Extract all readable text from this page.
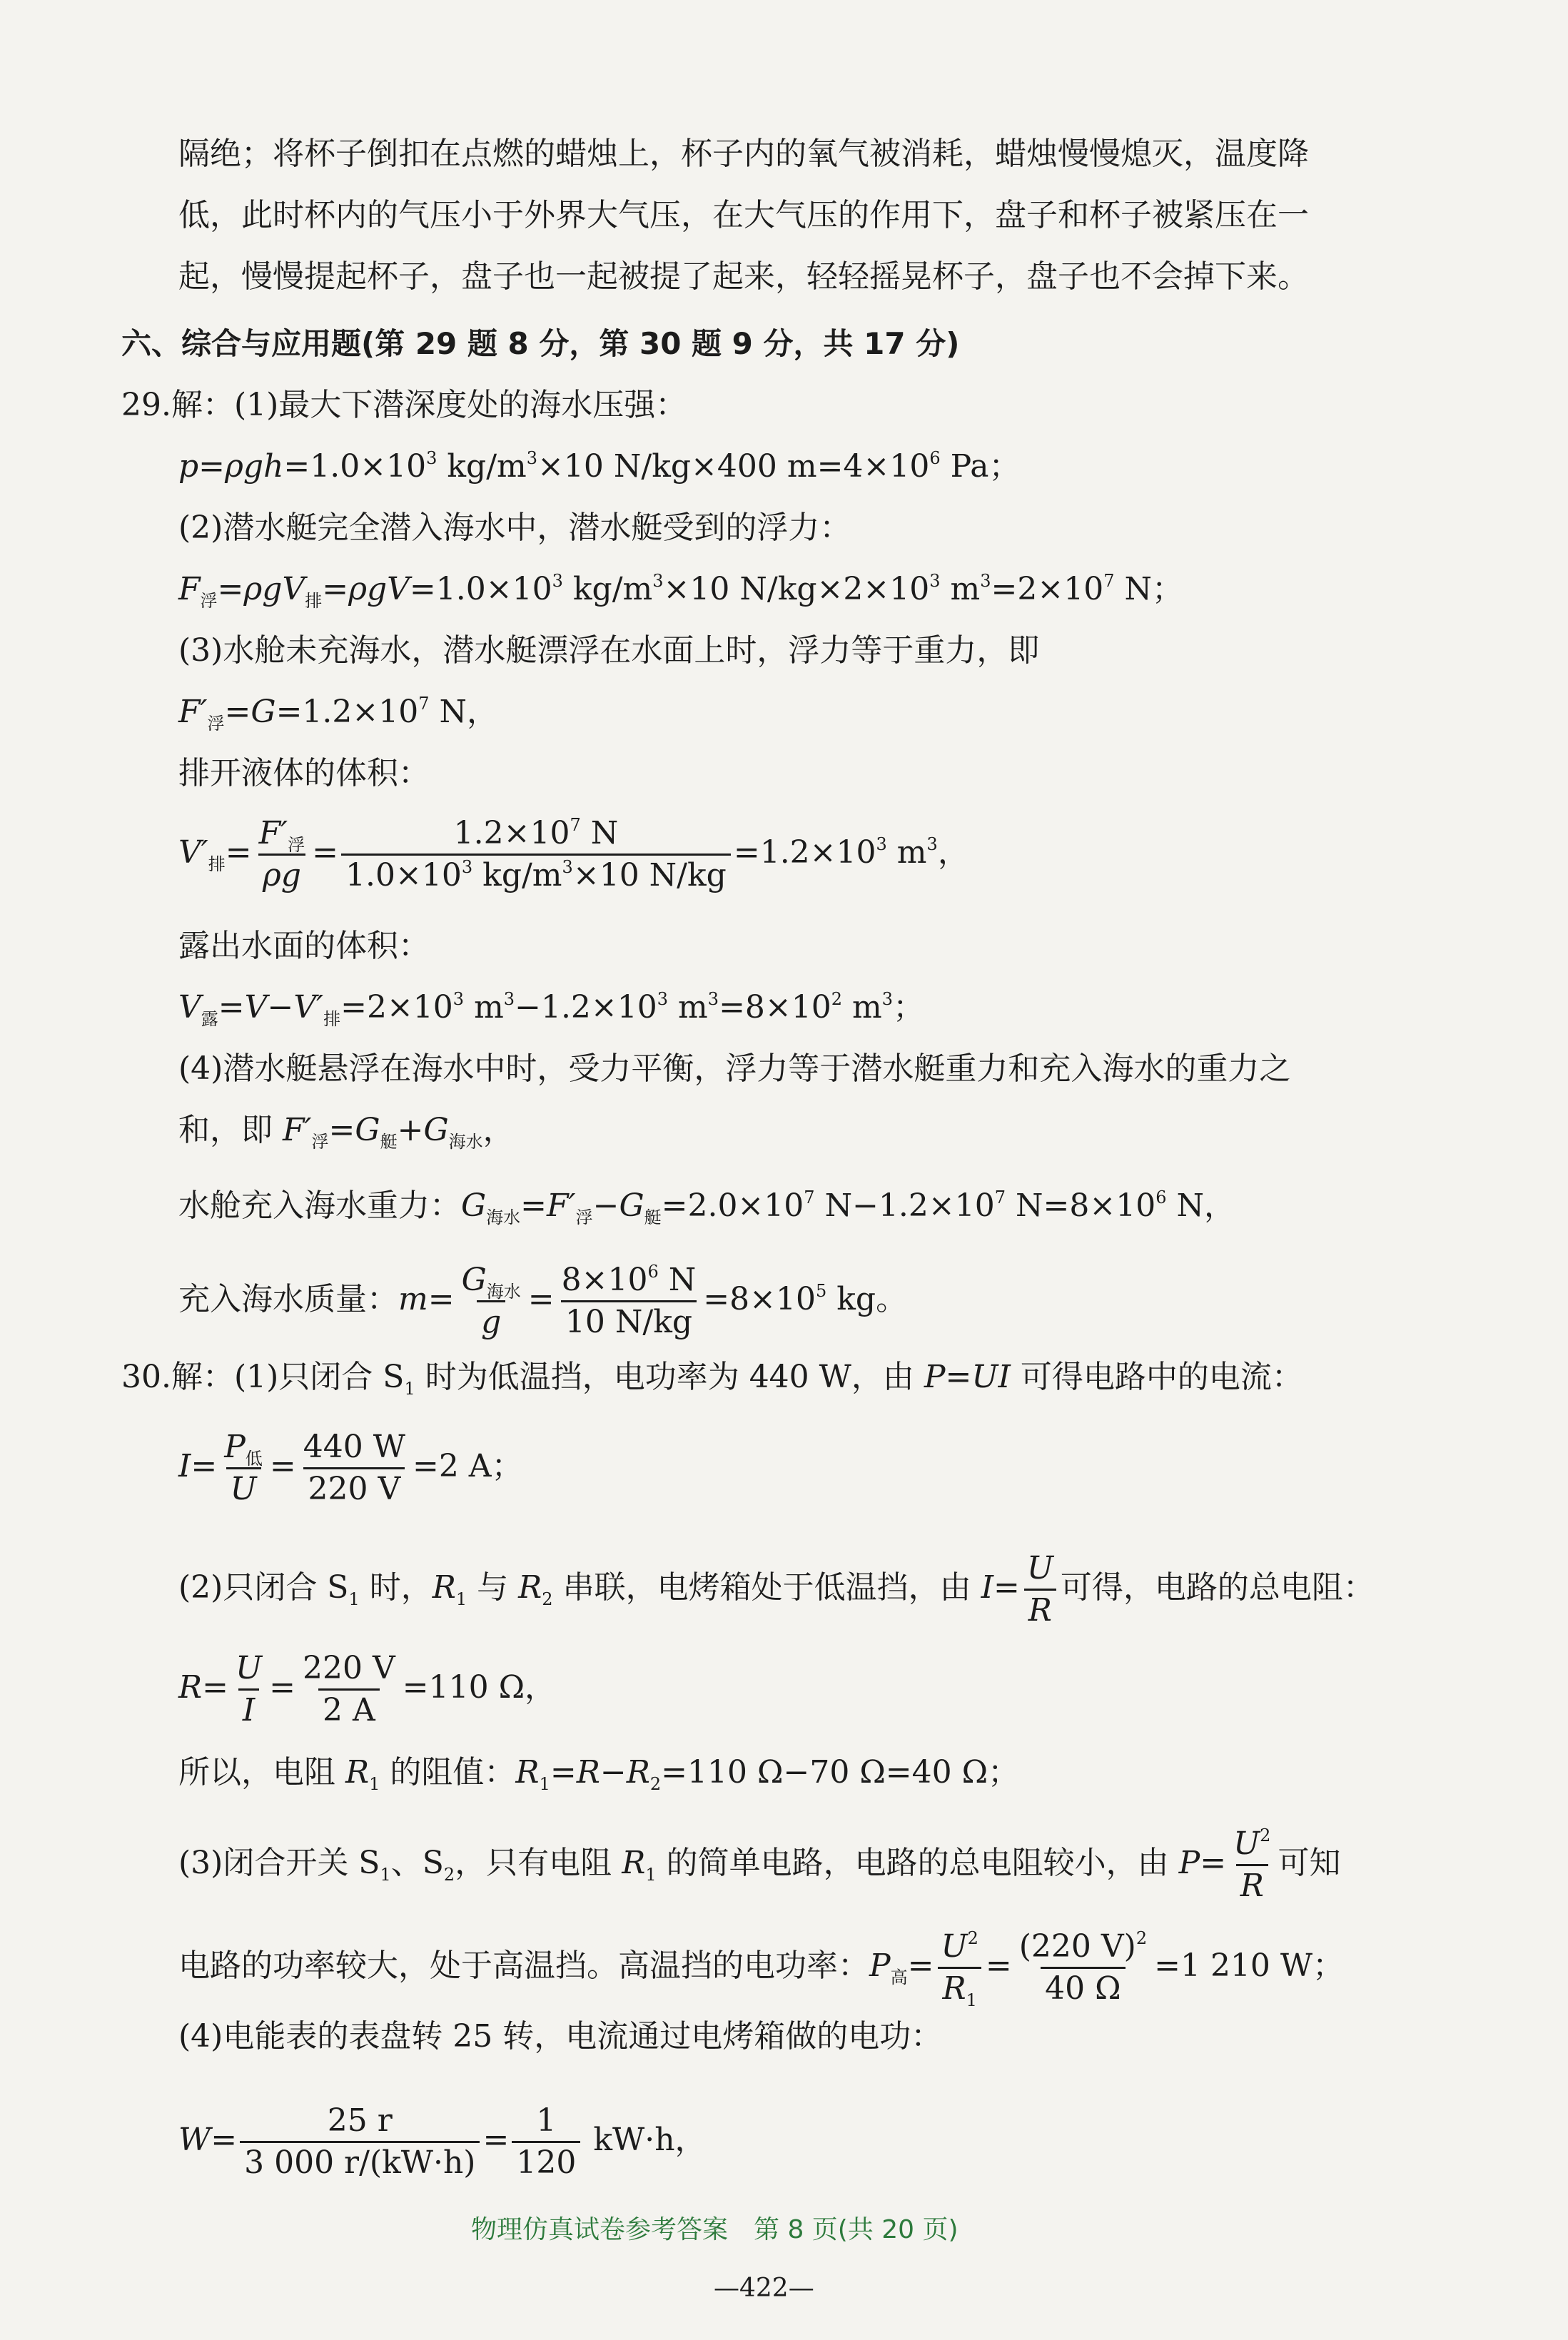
隔绝；将杯子倒扣在点燃的蜡烛上，杯子内的氧气被消耗，蜡烛慢慢熄灭，温度降
低，此时杯内的气压小于外界大气压，在大气压的作用下，盘子和杯子被紧压在一
起，慢慢提起杯子，盘子也一起被提了起来，轻轻摇晃杯子，盘子也不会掉下来。
六、综合与应用题(第 29 题 8 分，第 30 题 9 分，共 17 分)
29.解：(1)最大下潜深度处的海水压强：
$p=\rho gh=1.0\times 10^3$ $kg/m^3\times 10$ N/kg×400 $m=4\times 10^6$ Pa；
(2)潜水艇完全潜入海水中，潜水艇受到的浮力：
$F_浮=\rho gV_排=\rho gV=1.0\times 10^3$ $kg/m^3\times 10$ $N/kg\times 2\times 10^3$ $m^3=2\times 10^7$ N；
(3)水舱未充海水，潜水艇漂浮在水面上时，浮力等于重力，即
$F'_浮=G=1.2\times 10^7$ N，
排开液体的体积：
$V'_排= \frac{F'_浮}{\rho g} = \frac{1.2\times 10^7 N}{1.0\times 10^3 kg/m^3\times 10 N/kg} =1.2\times 10^3$ $m^3$，
露出水面的体积：
$V_露=V-V'_排=2\times 10^3$ $m^3-1.2\times 10^3$ $m^3=8\times 10^2$ $m^3$；
(4)潜水艇悬浮在海水中时，受力平衡，浮力等于潜水艇重力和充入海水的重力之
和，即 $F'_浮=G_艇+G_{海水}$，
水舱充入海水重力：$G_{海水}=F'_浮-G_艇=2.0\times 10^7$ $N-1.2\times 10^7$ $N=8\times 10^6$ N，
充入海水质量：$m= \frac{G_{海水}}{g} = \frac{8\times 10^6 N}{10 N/kg} =8\times 10^5$ kg。
30.解：(1)只闭合 $S_1$ 时为低温挡，电功率为 440 W，由 P=UI 可得电路中的电流：
$I= \frac{P_低}{U} = \frac{440 W}{220 V} =2$ A；
(2)只闭合 $S_1$ 时，$R_1$ 与 $R_2$ 串联，电烤箱处于低温挡，由 $I= \frac{U}{R}$ 可得，电路的总电阻：
$R= \frac{U}{I} = \frac{220 V}{2 A} =110$ Ω，
所以，电阻 $R_1$ 的阻值：$R_1=R-R_2=110$ Ω−70 Ω=40 Ω；
(3)闭合开关 $S_1$、$S_2$，只有电阻 $R_1$ 的简单电路，电路的总电阻较小，由 $P= \frac{U^2}{R}$ 可知
电路的功率较大，处于高温挡。高温挡的电功率：$P_高= \frac{U^2}{R_1} = \frac{(220 V)^2}{40 \Omega} =1$ 210 W；
(4)电能表的表盘转 25 转，电流通过电烤箱做的电功：
$W= \frac{25 r}{3 000 r/(kW\cdot h)} = \frac{1}{120} kW\cdot h$，
物理仿真试卷参考答案　第 8 页(共 20 页)
—422—
